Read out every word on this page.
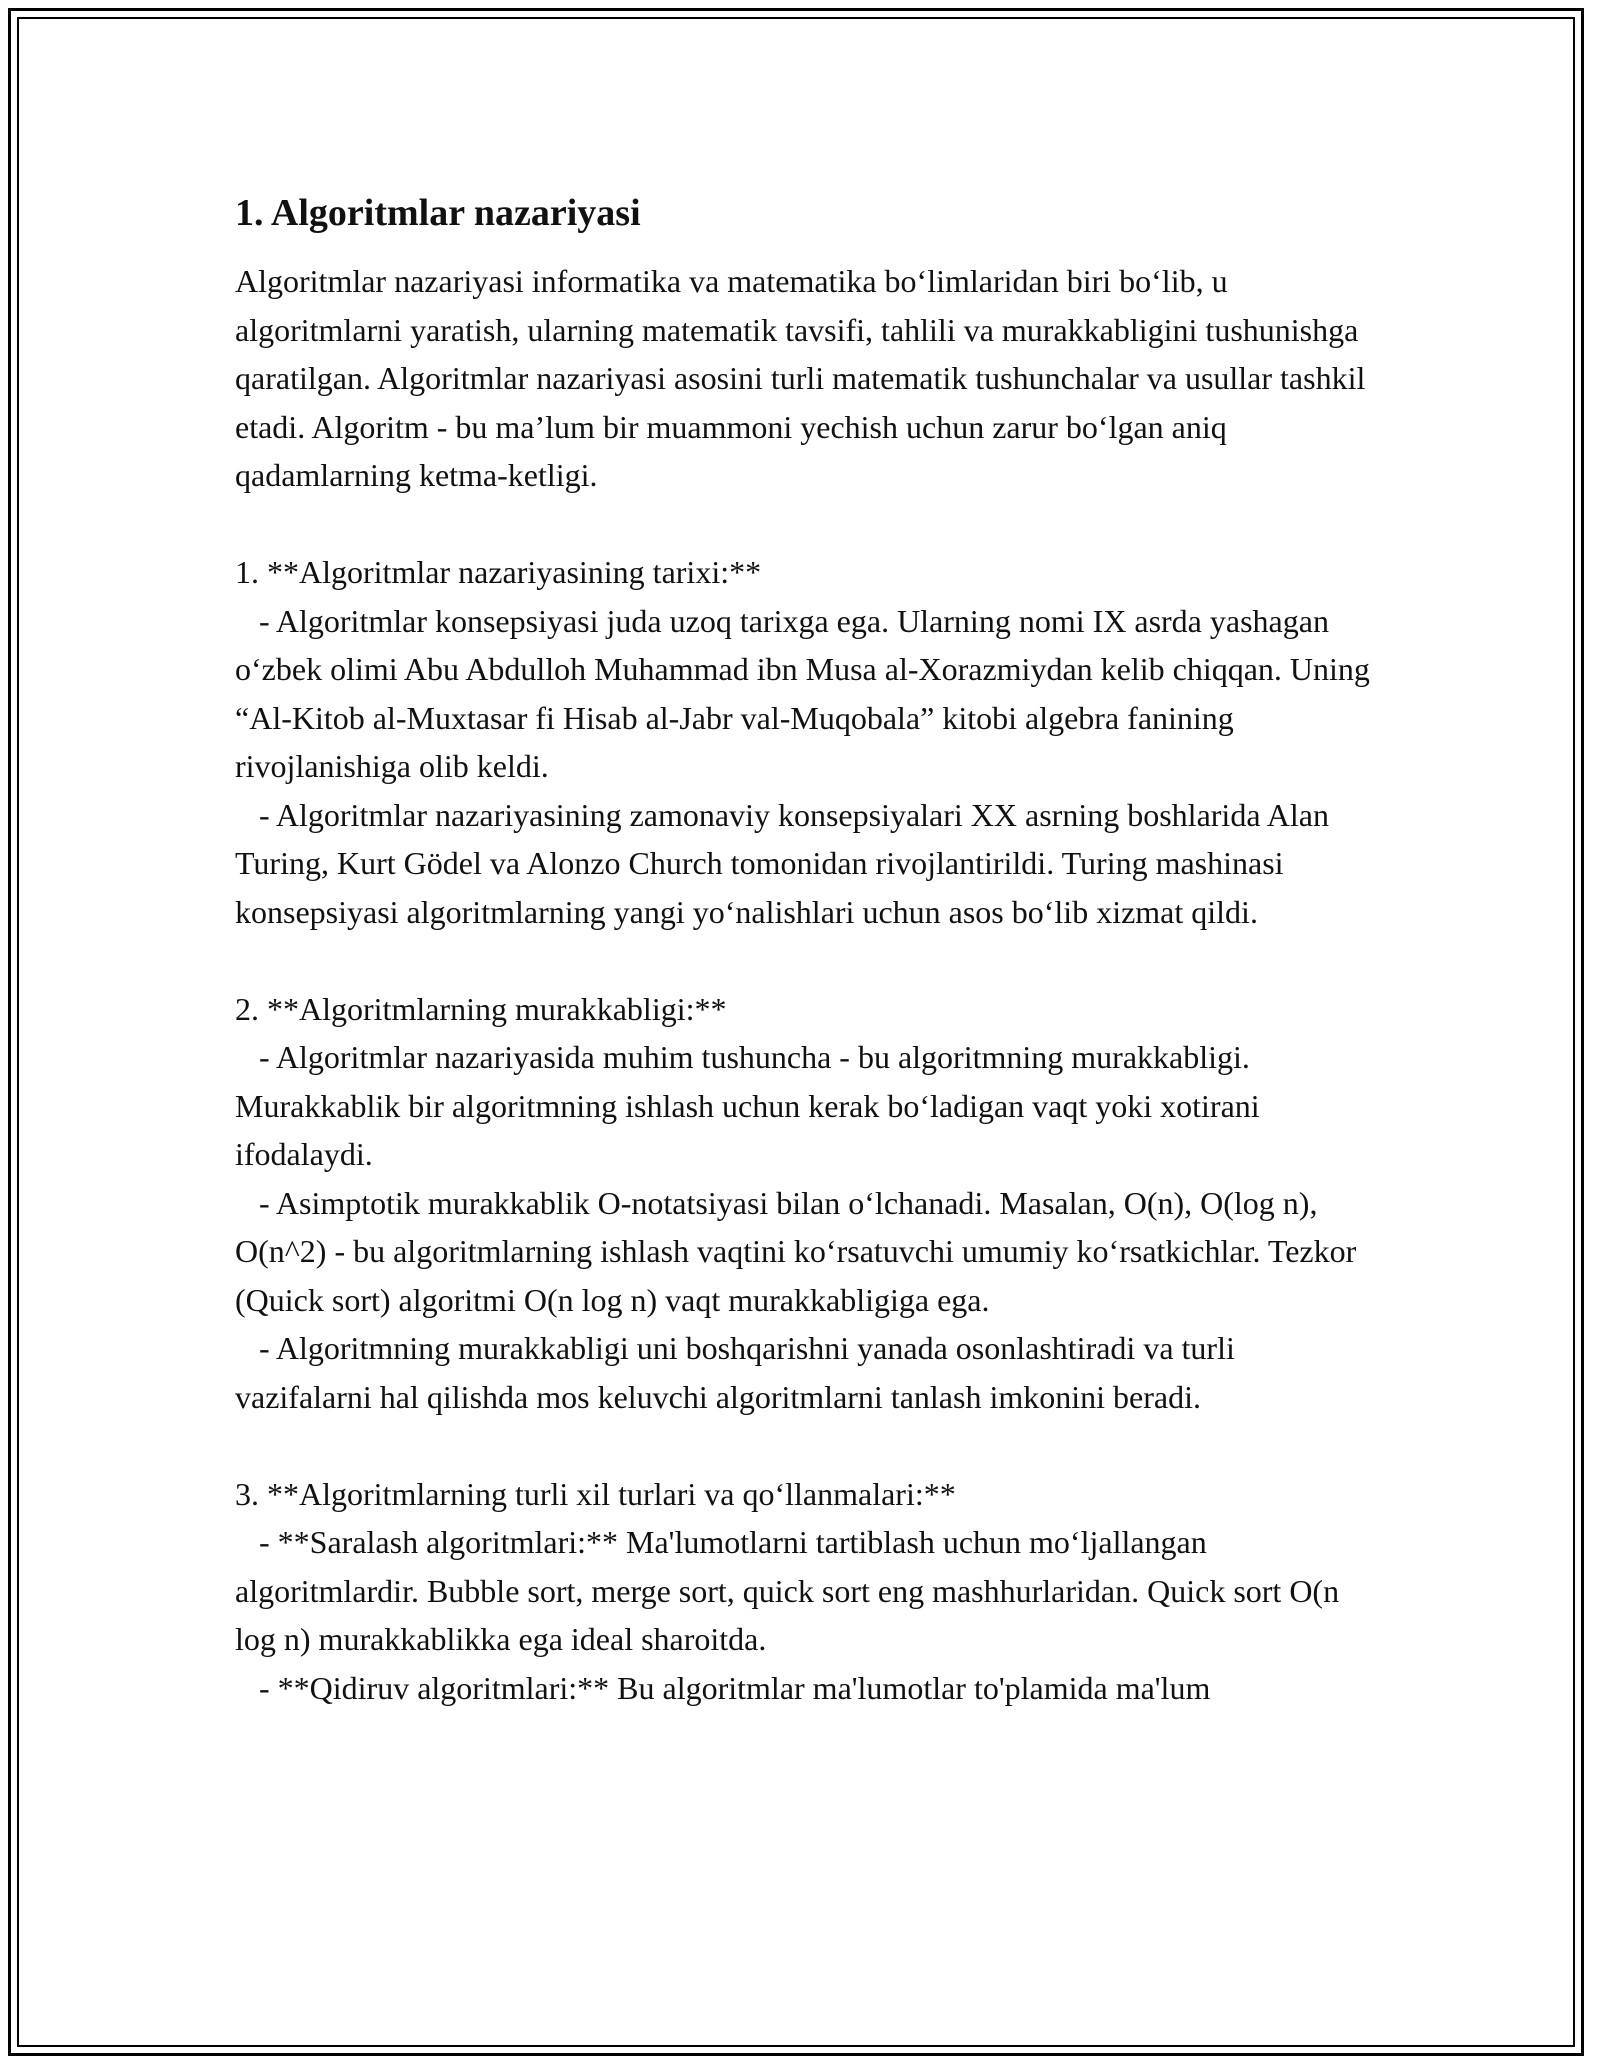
1. Algoritmlar nazariyasi
Algoritmlar nazariyasi informatika va matematika bo‘limlaridan biri bo‘lib, u algoritmlarni yaratish, ularning matematik tavsifi, tahlili va murakkabligini tushunishga qaratilgan. Algoritmlar nazariyasi asosini turli matematik tushunchalar va usullar tashkil etadi. Algoritm - bu ma’lum bir muammoni yechish uchun zarur bo‘lgan aniq qadamlarning ketma-ketligi.
1. **Algoritmlar nazariyasining tarixi:**
- Algoritmlar konsepsiyasi juda uzoq tarixga ega. Ularning nomi IX asrda yashagan o‘zbek olimi Abu Abdulloh Muhammad ibn Musa al-Xorazmiydan kelib chiqqan. Uning “Al-Kitob al-Muxtasar fi Hisab al-Jabr val-Muqobala” kitobi algebra fanining rivojlanishiga olib keldi.
- Algoritmlar nazariyasining zamonaviy konsepsiyalari XX asrning boshlarida Alan Turing, Kurt Gödel va Alonzo Church tomonidan rivojlantirildi. Turing mashinasi konsepsiyasi algoritmlarning yangi yo‘nalishlari uchun asos bo‘lib xizmat qildi.
2. **Algoritmlarning murakkabligi:**
- Algoritmlar nazariyasida muhim tushuncha - bu algoritmning murakkabligi. Murakkablik bir algoritmning ishlash uchun kerak bo‘ladigan vaqt yoki xotirani ifodalaydi.
- Asimptotik murakkablik O-notatsiyasi bilan o‘lchanadi. Masalan, O(n), O(log n), O(n^2) - bu algoritmlarning ishlash vaqtini ko‘rsatuvchi umumiy ko‘rsatkichlar. Tezkor (Quick sort) algoritmi O(n log n) vaqt murakkabligiga ega.
- Algoritmning murakkabligi uni boshqarishni yanada osonlashtiradi va turli vazifalarni hal qilishda mos keluvchi algoritmlarni tanlash imkonini beradi.
3. **Algoritmlarning turli xil turlari va qo‘llanmalari:**
- **Saralash algoritmlari:** Ma'lumotlarni tartiblash uchun mo‘ljallangan algoritmlardir. Bubble sort, merge sort, quick sort eng mashhurlaridan. Quick sort O(n log n) murakkablikka ega ideal sharoitda.
- **Qidiruv algoritmlari:** Bu algoritmlar ma'lumotlar to'plamida ma'lum
